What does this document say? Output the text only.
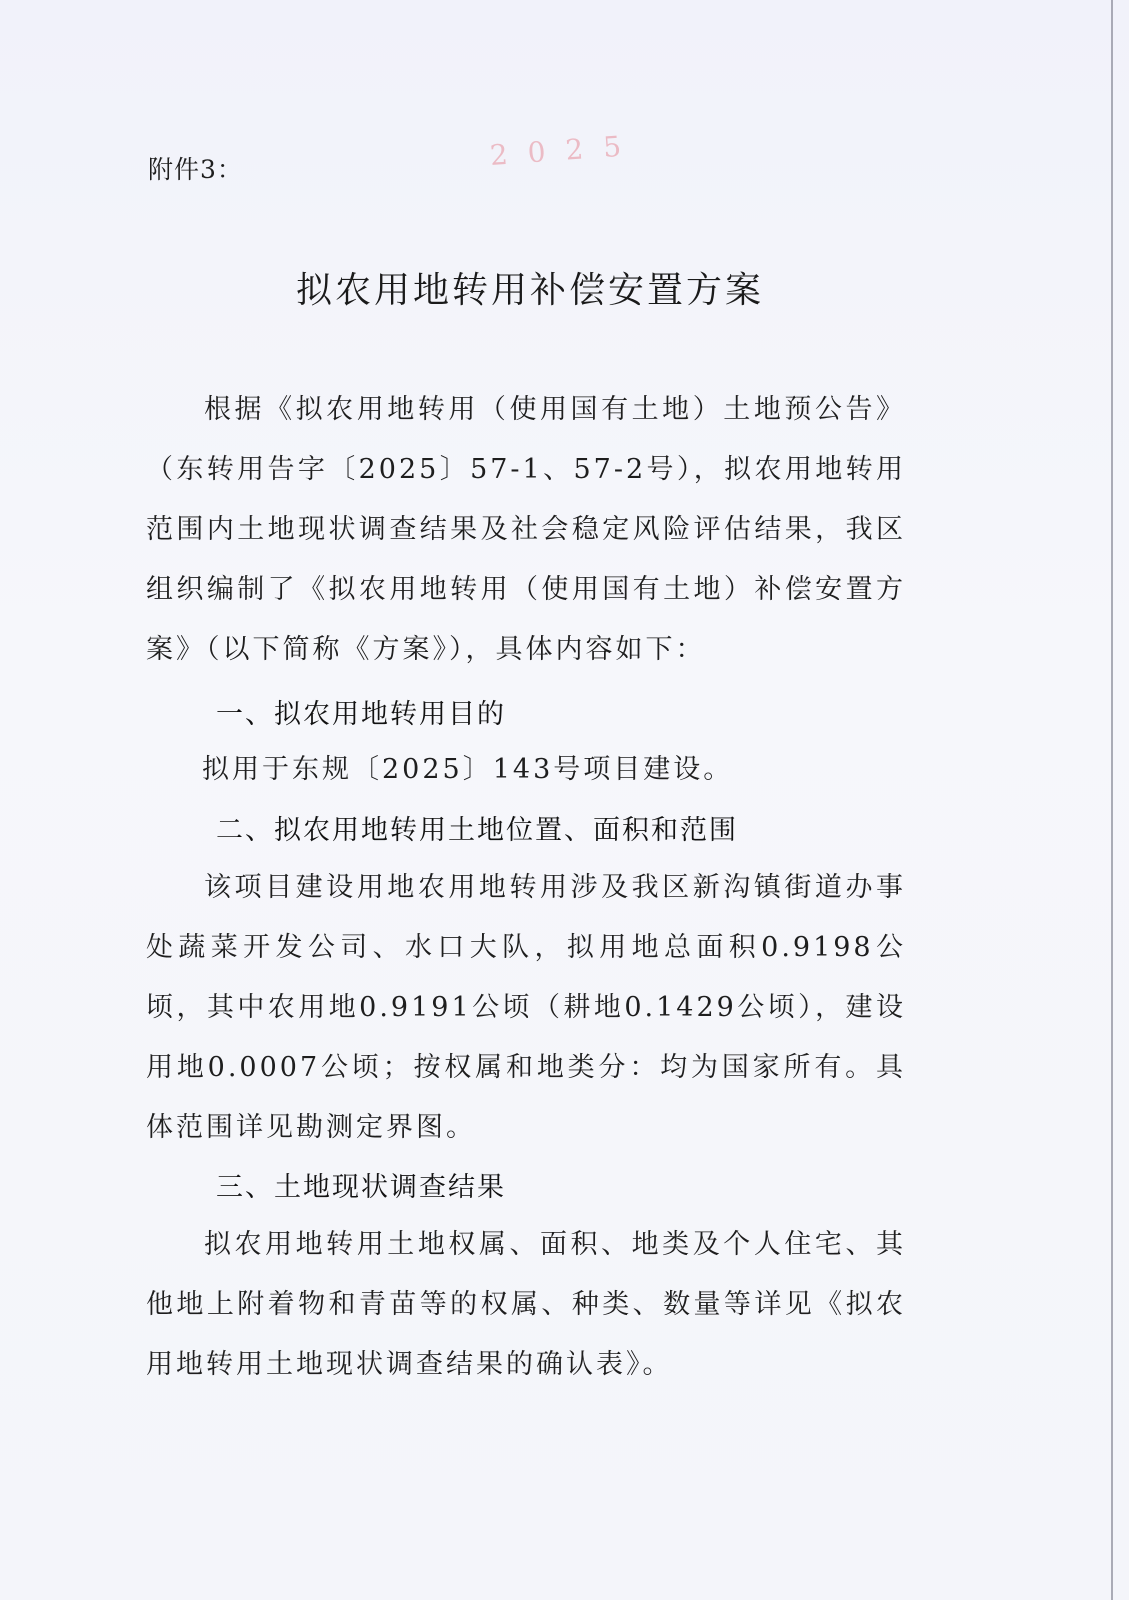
2025
附件3：
拟农用地转用补偿安置方案
根据《拟农用地转用（使用国有土地）土地预公告》（东转用告字〔2025〕57-1、57-2号），拟农用地转用范围内土地现状调查结果及社会稳定风险评估结果，我区组织编制了《拟农用地转用（使用国有土地）补偿安置方案》（以下简称《方案》），具体内容如下：
一、拟农用地转用目的
拟用于东规〔2025〕143号项目建设。
二、拟农用地转用土地位置、面积和范围
该项目建设用地农用地转用涉及我区新沟镇街道办事处蔬菜开发公司、水口大队，拟用地总面积0.9198公顷，其中农用地0.9191公顷（耕地0.1429公顷），建设用地0.0007公顷；按权属和地类分：均为国家所有。具体范围详见勘测定界图。
三、土地现状调查结果
拟农用地转用土地权属、面积、地类及个人住宅、其他地上附着物和青苗等的权属、种类、数量等详见《拟农用地转用土地现状调查结果的确认表》。
